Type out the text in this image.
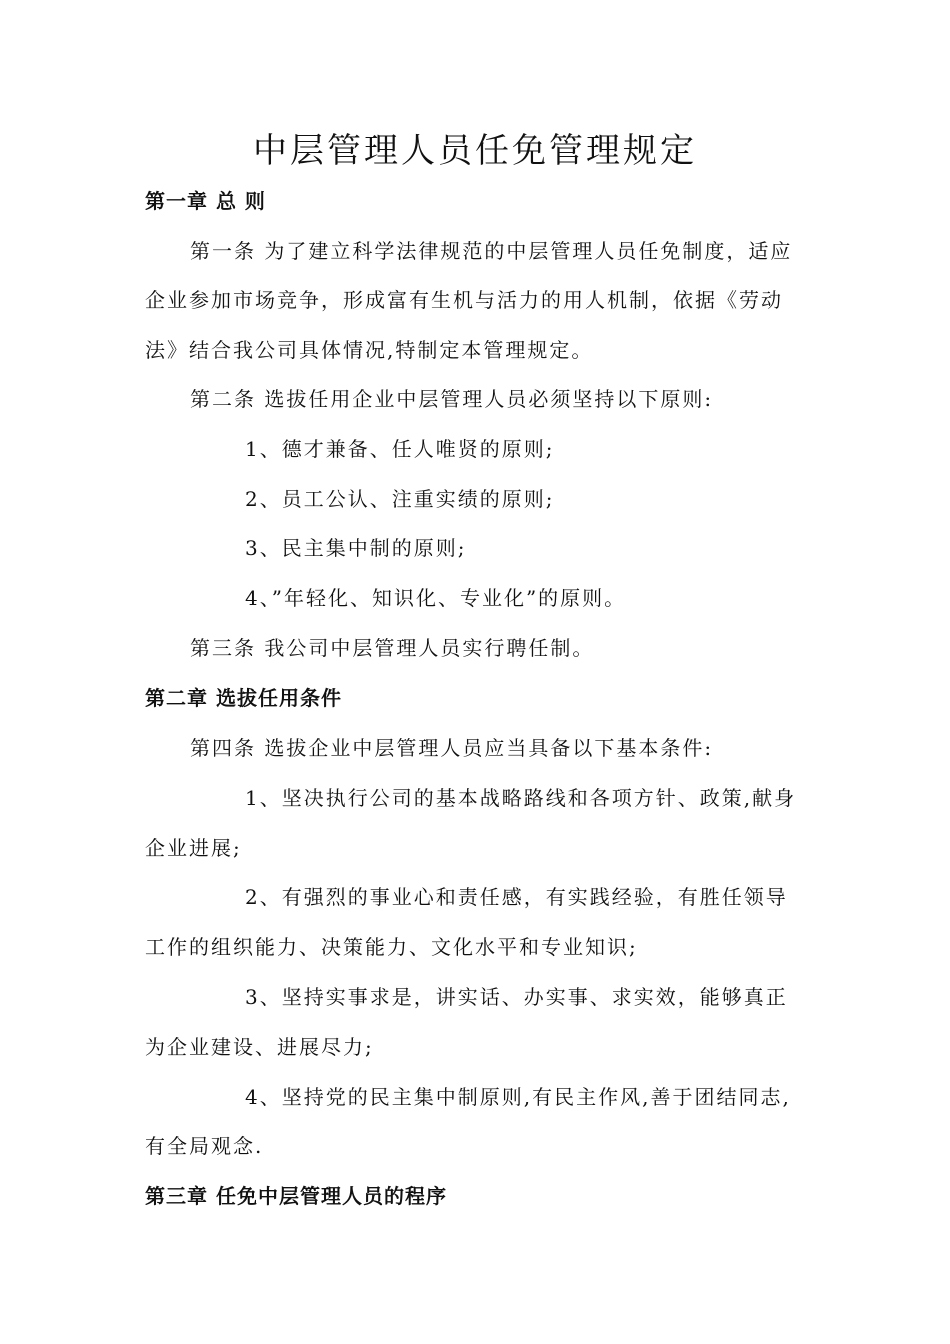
中层管理人员任免管理规定
第一章 总 则
第一条 为了建立科学法律规范的中层管理人员任免制度，适应
企业参加市场竞争，形成富有生机与活力的用人机制，依据《劳动
法》结合我公司具体情况,特制定本管理规定。
第二条 选拔任用企业中层管理人员必须坚持以下原则:
1、德才兼备、任人唯贤的原则;
2、员工公认、注重实绩的原则;
3、民主集中制的原则;
4、”年轻化、知识化、专业化”的原则。
第三条 我公司中层管理人员实行聘任制。
第二章 选拔任用条件
第四条 选拔企业中层管理人员应当具备以下基本条件:
1、坚决执行公司的基本战略路线和各项方针、政策,献身
企业进展;
2、有强烈的事业心和责任感，有实践经验，有胜任领导
工作的组织能力、决策能力、文化水平和专业知识;
3、坚持实事求是，讲实话、办实事、求实效，能够真正
为企业建设、进展尽力;
4、坚持党的民主集中制原则,有民主作风,善于团结同志,
有全局观念.
第三章 任免中层管理人员的程序
